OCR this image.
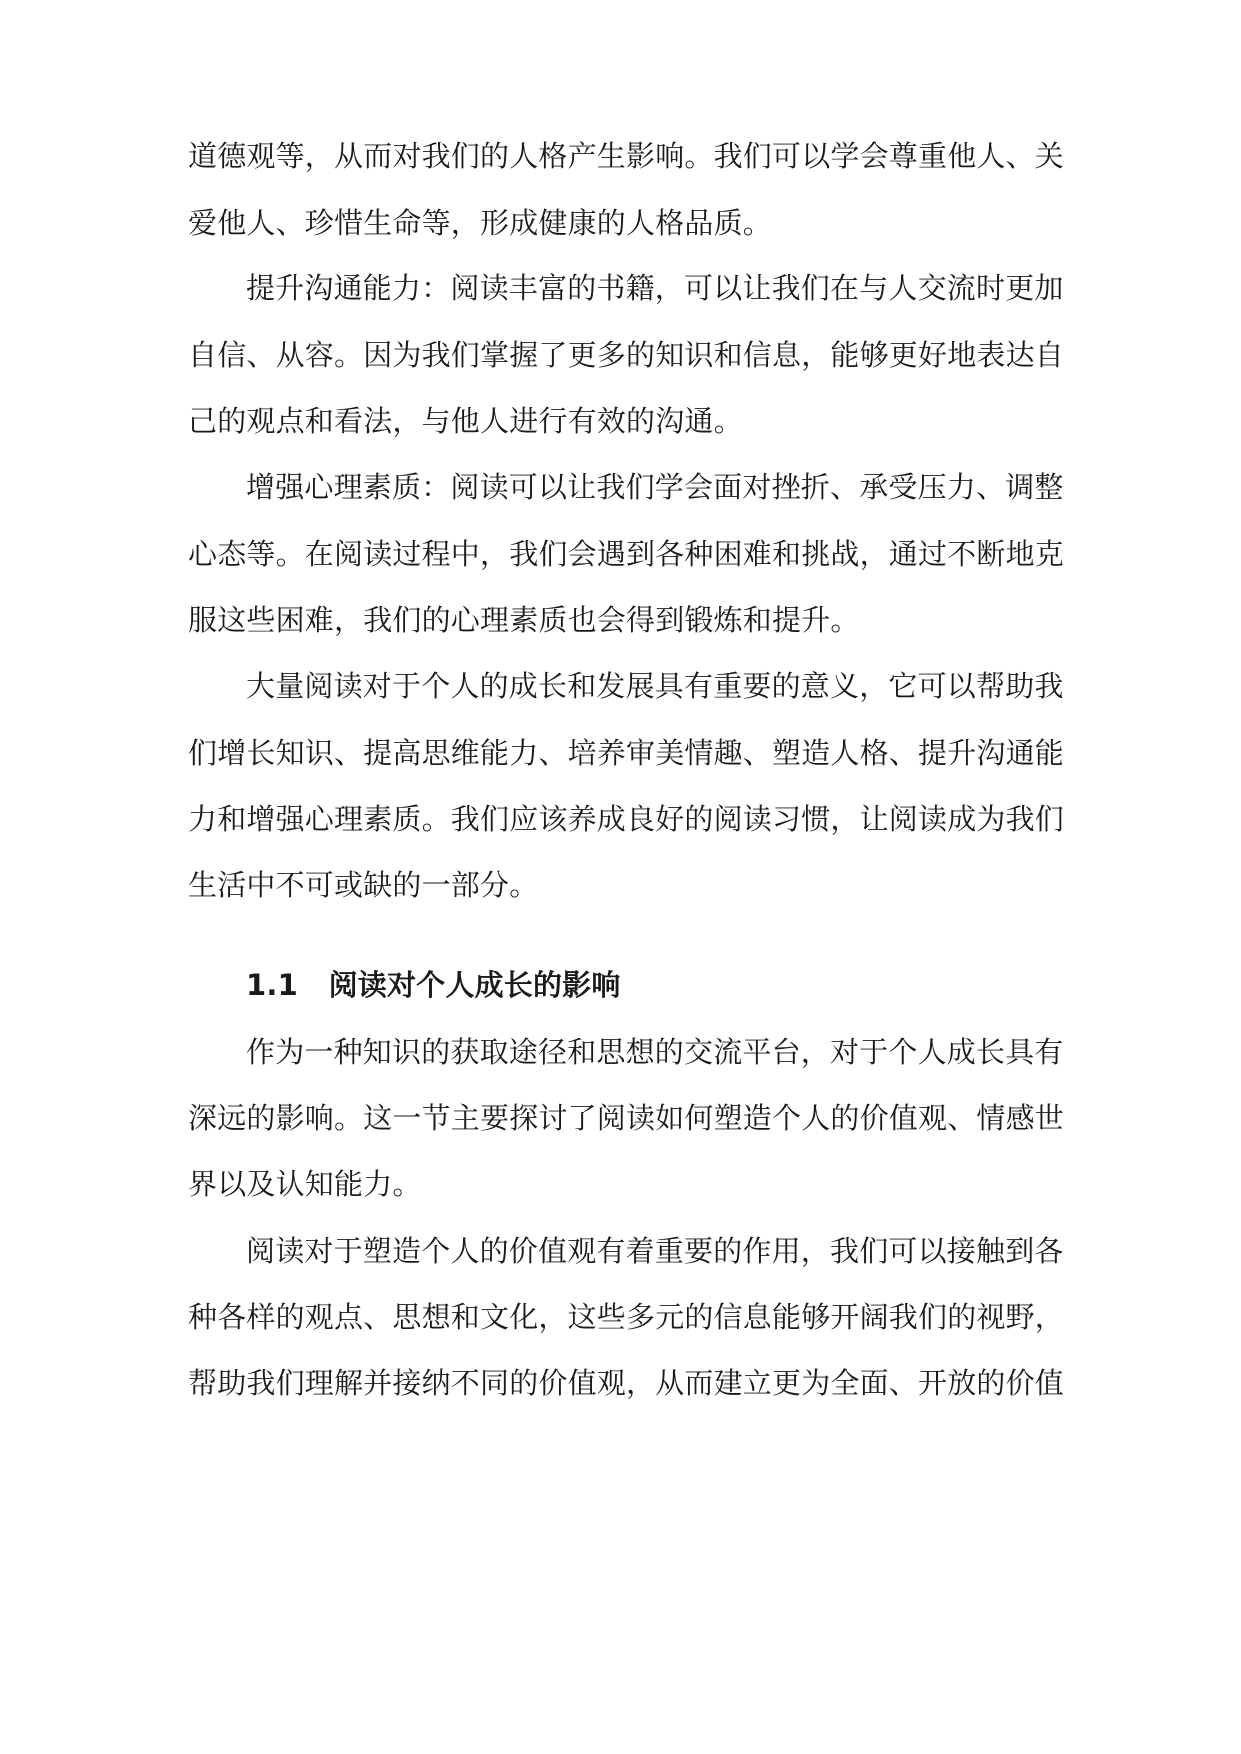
道德观等，从而对我们的人格产生影响。我们可以学会尊重他人、关
爱他人、珍惜生命等，形成健康的人格品质。
提升沟通能力：阅读丰富的书籍，可以让我们在与人交流时更加
自信、从容。因为我们掌握了更多的知识和信息，能够更好地表达自
己的观点和看法，与他人进行有效的沟通。
增强心理素质：阅读可以让我们学会面对挫折、承受压力、调整
心态等。在阅读过程中，我们会遇到各种困难和挑战，通过不断地克
服这些困难，我们的心理素质也会得到锻炼和提升。
大量阅读对于个人的成长和发展具有重要的意义，它可以帮助我
们增长知识、提高思维能力、培养审美情趣、塑造人格、提升沟通能
力和增强心理素质。我们应该养成良好的阅读习惯，让阅读成为我们
生活中不可或缺的一部分。
1.1 阅读对个人成长的影响
作为一种知识的获取途径和思想的交流平台，对于个人成长具有
深远的影响。这一节主要探讨了阅读如何塑造个人的价值观、情感世
界以及认知能力。
阅读对于塑造个人的价值观有着重要的作用，我们可以接触到各
种各样的观点、思想和文化，这些多元的信息能够开阔我们的视野，
帮助我们理解并接纳不同的价值观，从而建立更为全面、开放的价值
